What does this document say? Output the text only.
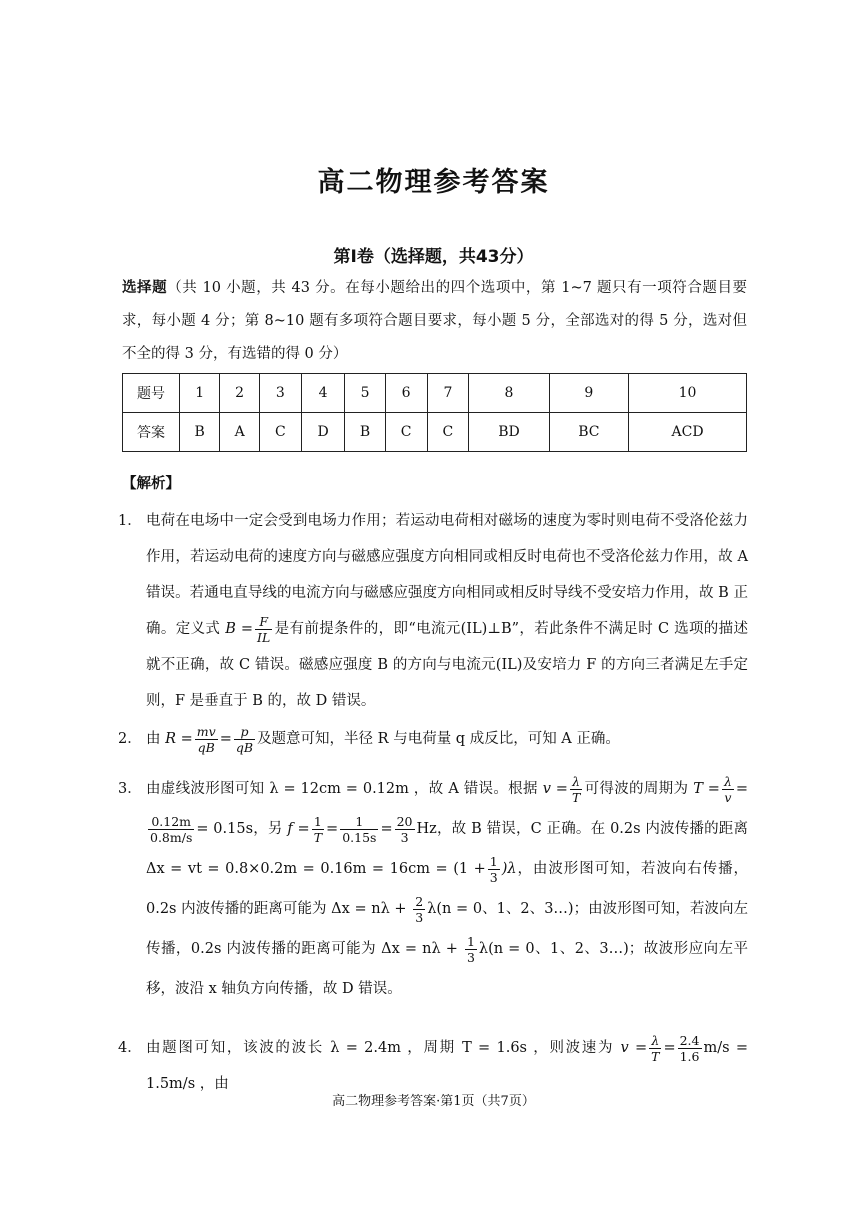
高二物理参考答案
第Ⅰ卷（选择题，共43分）
选择题（共 10 小题，共 43 分。在每小题给出的四个选项中，第 1~7 题只有一项符合题目要求，每小题 4 分；第 8~10 题有多项符合题目要求，每小题 5 分，全部选对的得 5 分，选对但不全的得 3 分，有选错的得 0 分）
题号	1	2	3	4	5	6	7	8	9	10
答案	B	A	C	D	B	C	C	BD	BC	ACD
【解析】
1． 电荷在电场中一定会受到电场力作用；若运动电荷相对磁场的速度为零时则电荷不受洛伦兹力作用，若运动电荷的速度方向与磁感应强度方向相同或相反时电荷也不受洛伦兹力作用，故 A 错误。若通电直导线的电流方向与磁感应强度方向相同或相反时导线不受安培力作用，故 B 正确。定义式 $B = \frac{F}{IL}$ 是有前提条件的，即“电流元(IL)⊥B”，若此条件不满足时 C 选项的描述就不正确，故 C 错误。磁感应强度 B 的方向与电流元(IL)及安培力 F 的方向三者满足左手定则，F 是垂直于 B 的，故 D 错误。
2． 由 $R = \frac{mv}{qB} = \frac{p}{qB}$ 及题意可知，半径 R 与电荷量 q 成反比，可知 A 正确。
3． 由虚线波形图可知 λ = 12cm = 0.12m ，故 A 错误。根据 $v = \frac{\lambda}{T}$ 可得波的周期为 $T = \frac{\lambda}{v}$ =
$\frac{0.12m}{0.8m/s} = 0.15s$，另 $f = \frac{1}{T} = \frac{1}{0.15s} = \frac{20}{3}$ Hz，故 B 错误，C 正确。在 0.2s 内波传播的距离 Δx = vt = $0.8\times 0.2m = 0.16m = 16cm = (1 + \frac{1}{3} )\lambda$，由波形图可知，若波向右传播，0.2s 内波传播的距离可能为 $\Delta x = n\lambda + \frac{2}{3} \lambda(n = 0$、1、2、3…)；由波形图可知，若波向左传播，0.2s 内波传播的距离可能为 $\Delta x = n\lambda + \frac{1}{3} \lambda(n = 0$、1、2、3…)；故波形应向左平移，波沿 x 轴负方向传播，故 D 错误。
4． 由题图可知，该波的波长 λ = 2.4m ，周期 T = 1.6s ，则波速为 $v = \frac{\lambda}{T} = \frac{2.4}{1.6} m/s = 1.5m/s$ ，由
高二物理参考答案·第1页（共7页）
